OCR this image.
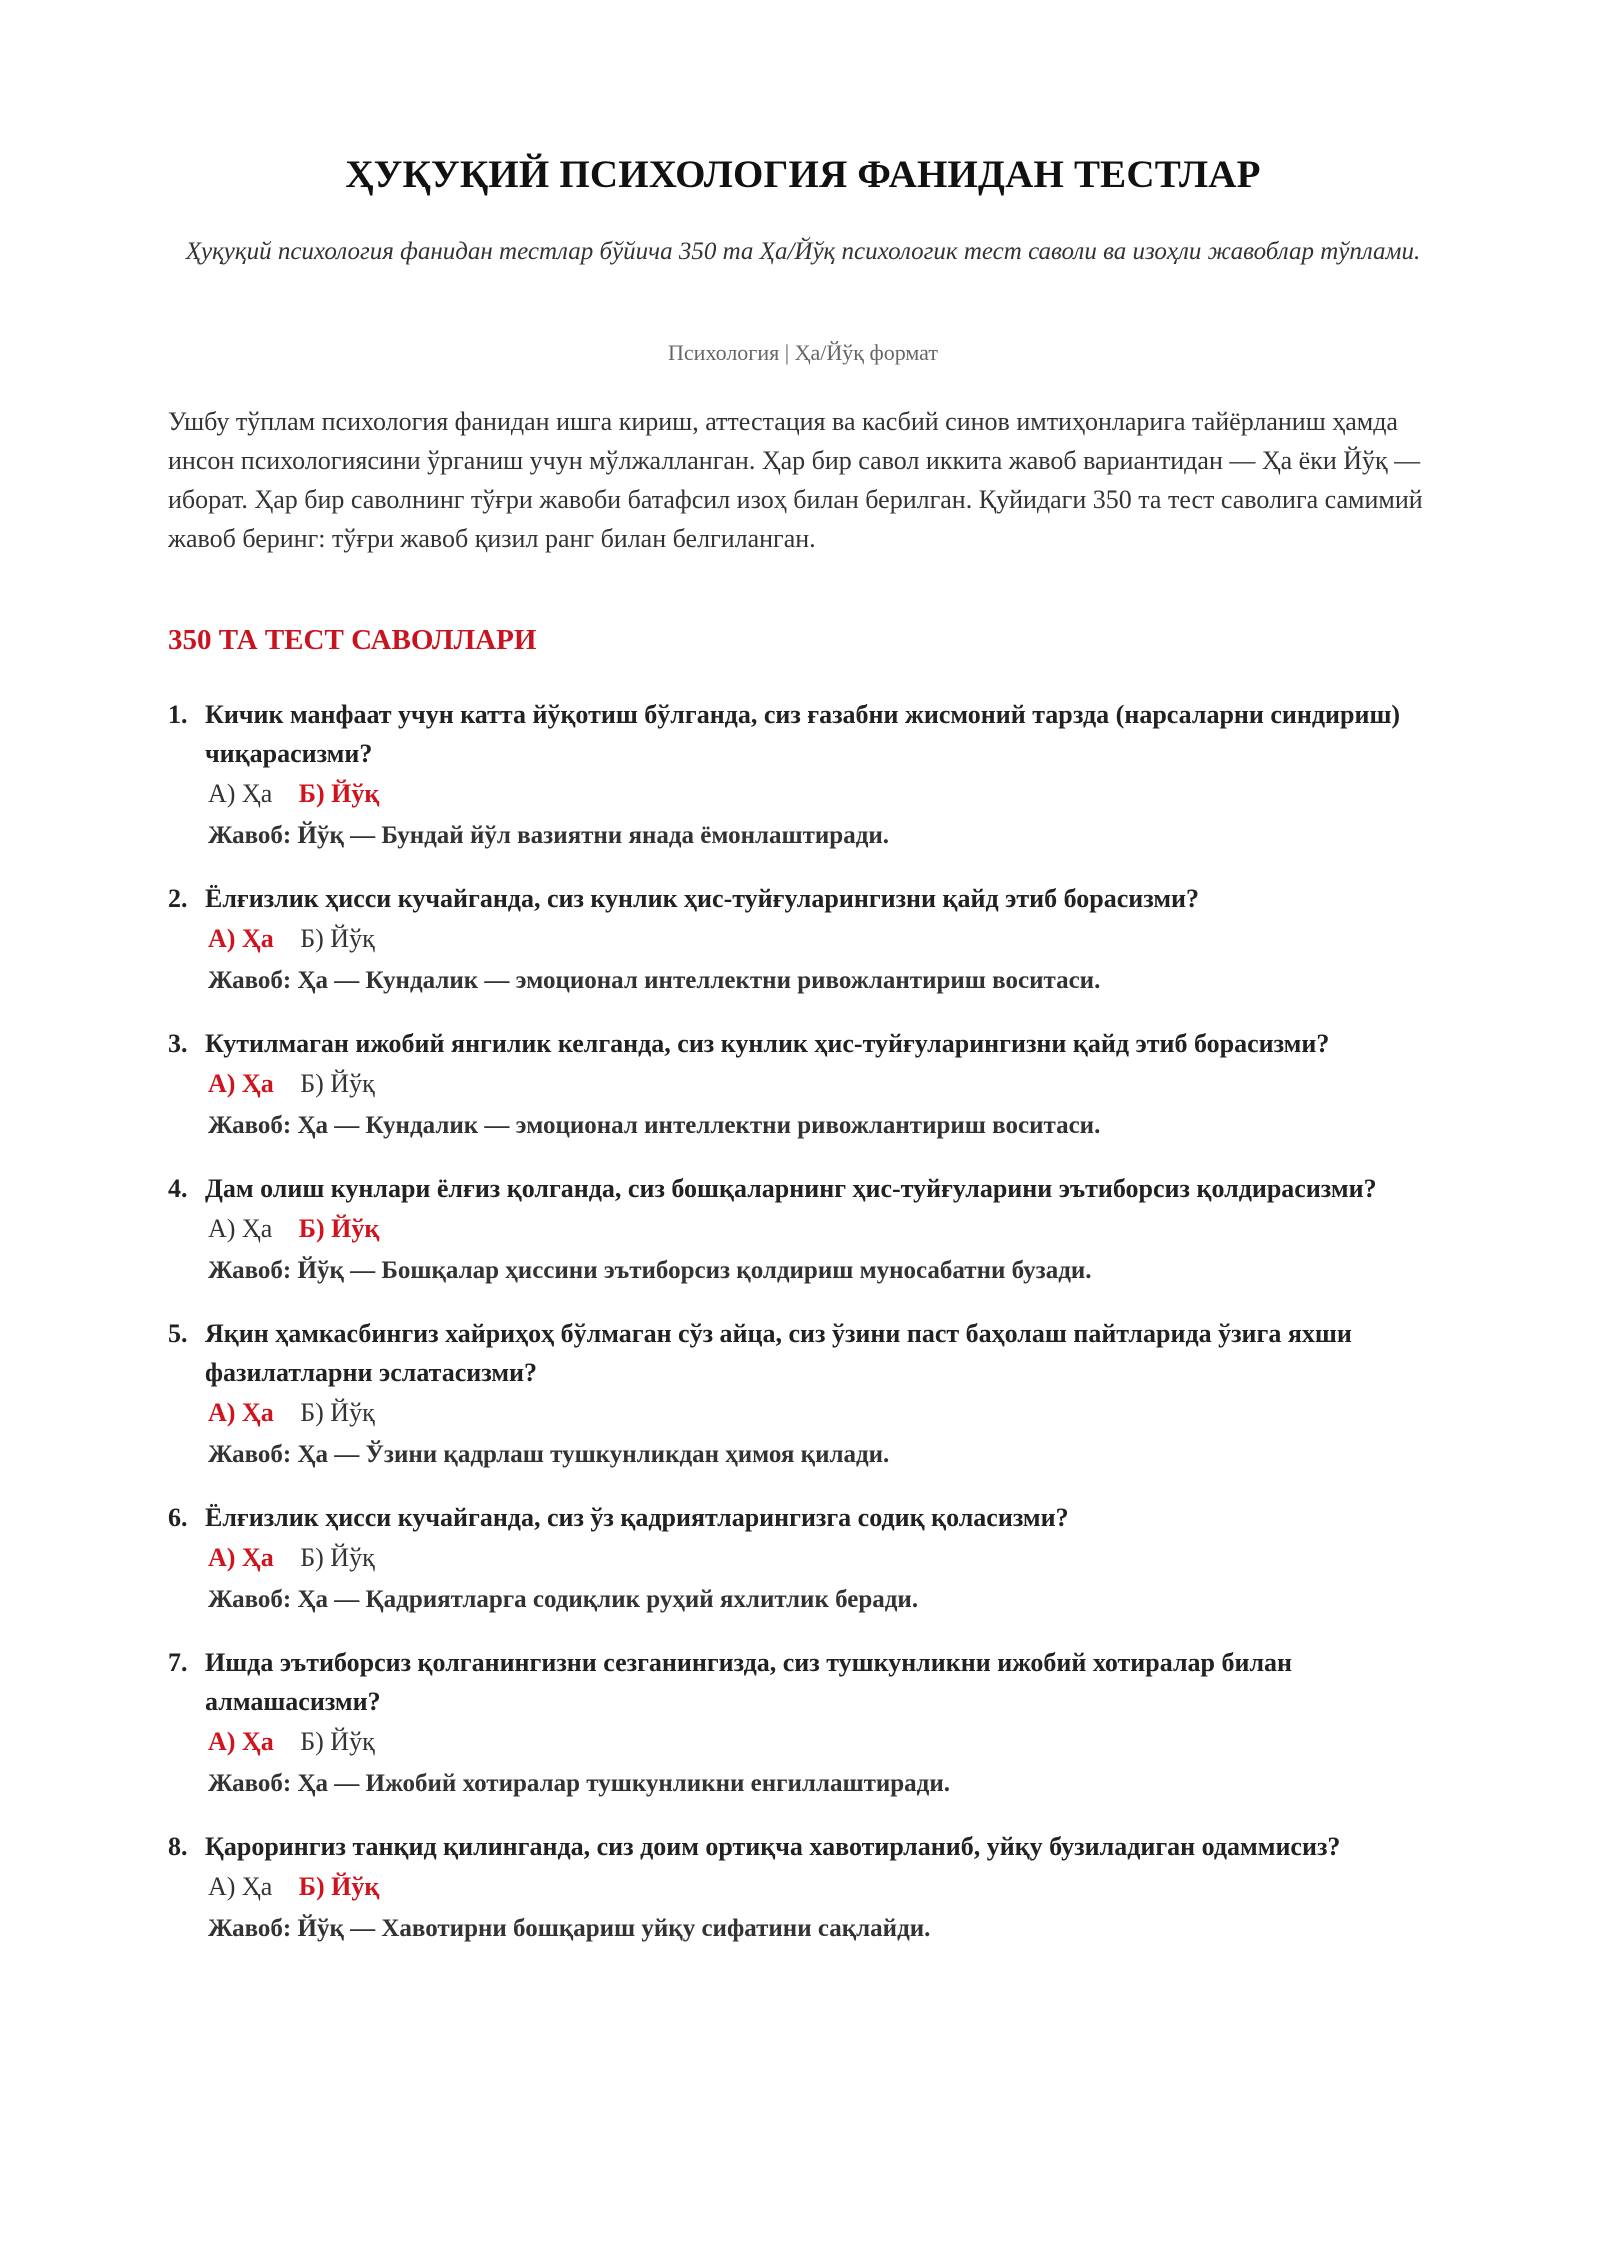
ҲУҚУҚИЙ ПСИХОЛОГИЯ ФАНИДАН ТЕСТЛАР
Ҳуқуқий психология фанидан тестлар бўйича 350 та Ҳа/Йўқ психологик тест саволи ва изоҳли жавоблар тўплами.
Психология | Ҳа/Йўқ формат

Ушбу тўплам психология фанидан ишга кириш, аттестация ва касбий синов имтиҳонларига тайёрланиш ҳамда инсон психологиясини ўрганиш учун мўлжалланган. Ҳар бир савол иккита жавоб вариантидан — Ҳа ёки Йўқ — иборат. Ҳар бир саволнинг тўғри жавоби батафсил изоҳ билан берилган. Қуйидаги 350 та тест саволига самимий жавоб беринг: тўғри жавоб қизил ранг билан белгиланган.

350 ТА ТЕСТ САВОЛЛАРИ
1. Кичик манфаат учун катта йўқотиш бўлганда, сиз ғазабни жисмоний тарзда (нарсаларни синдириш) чиқарасизми?
А) Ҳа Б) Йўқ
Жавоб: Йўқ — Бундай йўл вазиятни янада ёмонлаштиради.
2. Ёлғизлик ҳисси кучайганда, сиз кунлик ҳис-туйғуларингизни қайд этиб борасизми?
А) Ҳа Б) Йўқ
Жавоб: Ҳа — Кундалик — эмоционал интеллектни ривожлантириш воситаси.
3. Кутилмаган ижобий янгилик келганда, сиз кунлик ҳис-туйғуларингизни қайд этиб борасизми?
А) Ҳа Б) Йўқ
Жавоб: Ҳа — Кундалик — эмоционал интеллектни ривожлантириш воситаси.
4. Дам олиш кунлари ёлғиз қолганда, сиз бошқаларнинг ҳис-туйғуларини эътиборсиз қолдирасизми?
А) Ҳа Б) Йўқ
Жавоб: Йўқ — Бошқалар ҳиссини эътиборсиз қолдириш муносабатни бузади.
5. Яқин ҳамкасбингиз хайриҳоҳ бўлмаган сўз айца, сиз ўзини паст баҳолаш пайтларида ўзига яхши фазилатларни эслатасизми?
А) Ҳа Б) Йўқ
Жавоб: Ҳа — Ўзини қадрлаш тушкунликдан ҳимоя қилади.
6. Ёлғизлик ҳисси кучайганда, сиз ўз қадриятларингизга содиқ қоласизми?
А) Ҳа Б) Йўқ
Жавоб: Ҳа — Қадриятларга содиқлик руҳий яхлитлик беради.
7. Ишда эътиборсиз қолганингизни сезганингизда, сиз тушкунликни ижобий хотиралар билан алмашасизми?
А) Ҳа Б) Йўқ
Жавоб: Ҳа — Ижобий хотиралар тушкунликни енгиллаштиради.
8. Қарорингиз танқид қилинганда, сиз доим ортиқча хавотирланиб, уйқу бузиладиган одаммисиз?
А) Ҳа Б) Йўқ
Жавоб: Йўқ — Хавотирни бошқариш уйқу сифатини сақлайди.
